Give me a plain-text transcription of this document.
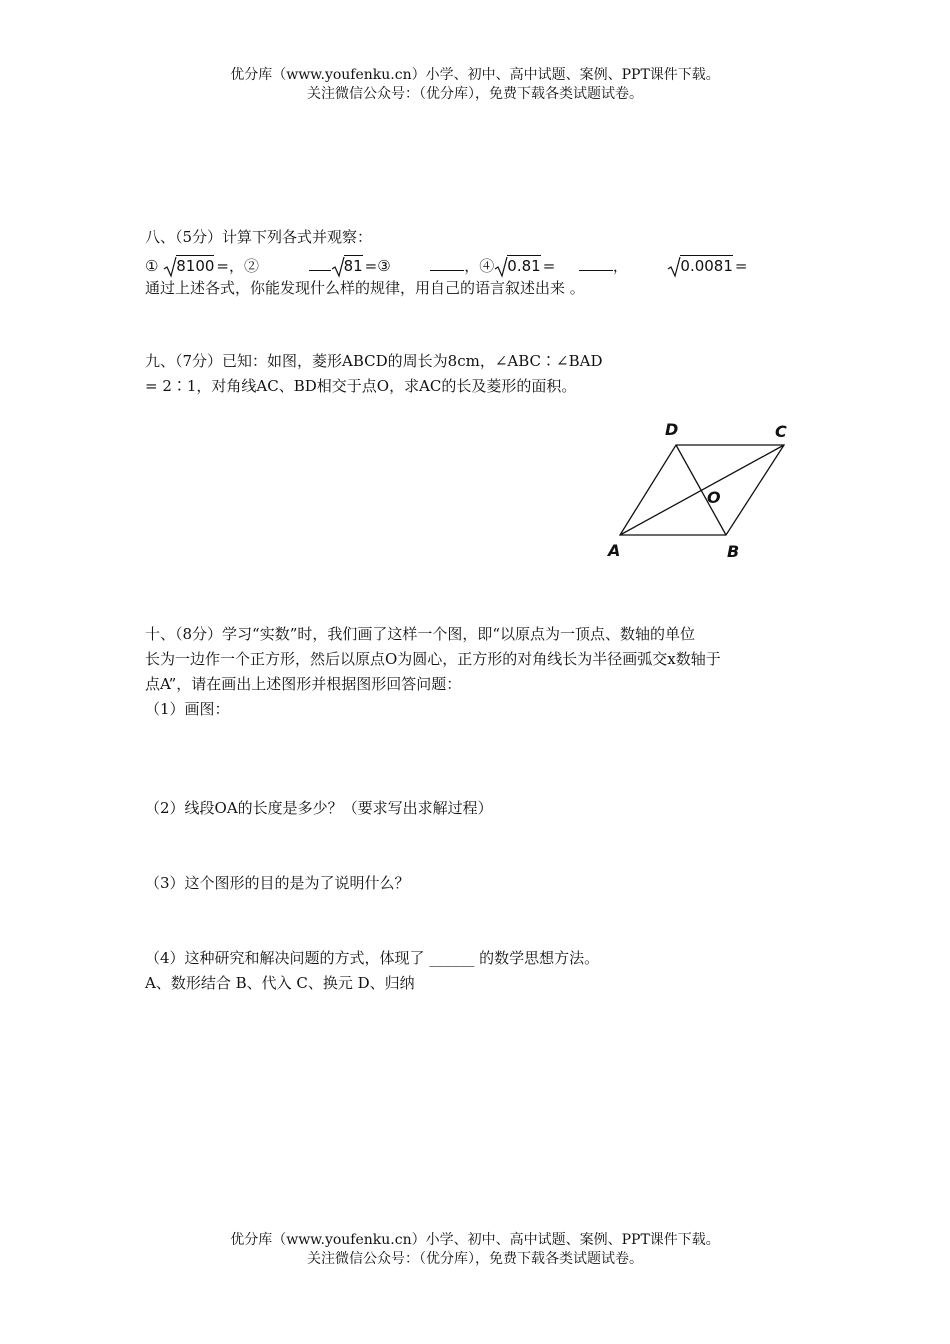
优分库（www.youfenku.cn）小学、初中、高中试题、案例、PPT课件下载。
关注微信公众号：（优分库），免费下载各类试题试卷。
八、（5分）计算下列各式并观察：
① 8100 =，②	81 =③	，④ 0.81 =	，	0.0081 =
通过上述各式，你能发现什么样的规律，用自己的语言叙述出来 。
九、（7分）已知：如图，菱形ABCD的周长为8cm，∠ABC∶∠BAD
= 2∶1，对角线AC、BD相交于点O，求AC的长及菱形的面积。
A	B
C
D
O
十、（8分）学习“实数”时，我们画了这样一个图，即“以原点为一顶点、数轴的单位
长为一边作一个正方形，然后以原点O为圆心，正方形的对角线长为半径画弧交x数轴于
点A”，请在画出上述图形并根据图形回答问题：
（1）画图：
（2）线段OA的长度是多少？（要求写出求解过程）
（3）这个图形的目的是为了说明什么？
（4）这种研究和解决问题的方式，体现了 ______ 的数学思想方法。
A、数形结合 B、代入 C、换元 D、归纳
优分库（www.youfenku.cn）小学、初中、高中试题、案例、PPT课件下载。
关注微信公众号：（优分库），免费下载各类试题试卷。
